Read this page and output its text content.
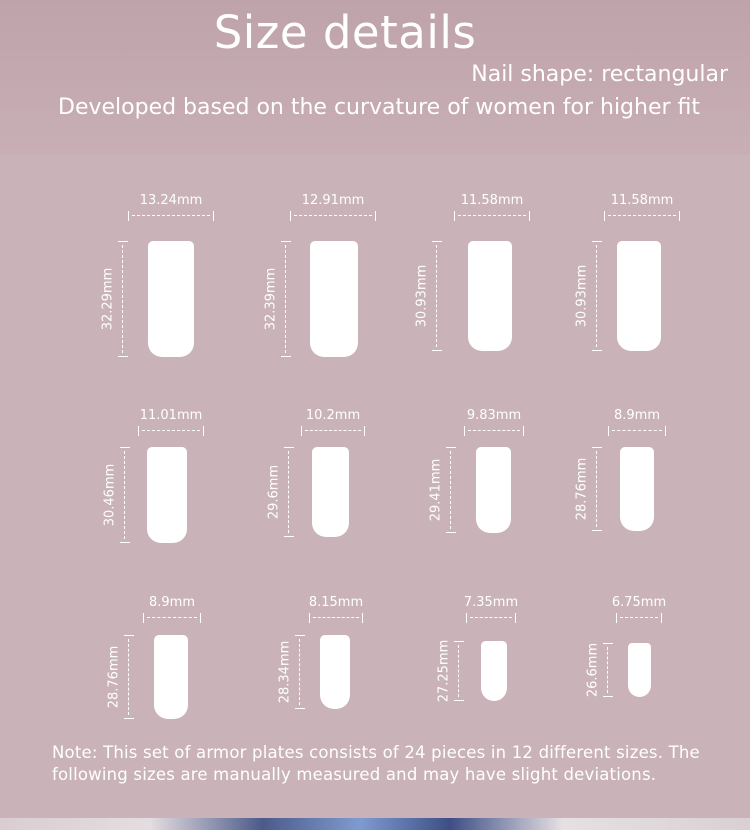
Size details
Nail shape: rectangular
Developed based on the curvature of women for higher fit
13.24mm
32.29mm
12.91mm
32.39mm
11.58mm
30.93mm
11.58mm
30.93mm
11.01mm
30.46mm
10.2mm
29.6mm
9.83mm
29.41mm
8.9mm
28.76mm
8.9mm
28.76mm
8.15mm
28.34mm
7.35mm
27.25mm
6.75mm
26.6mm
Note: This set of armor plates consists of 24 pieces in 12 different sizes. The following sizes are manually measured and may have slight deviations.
